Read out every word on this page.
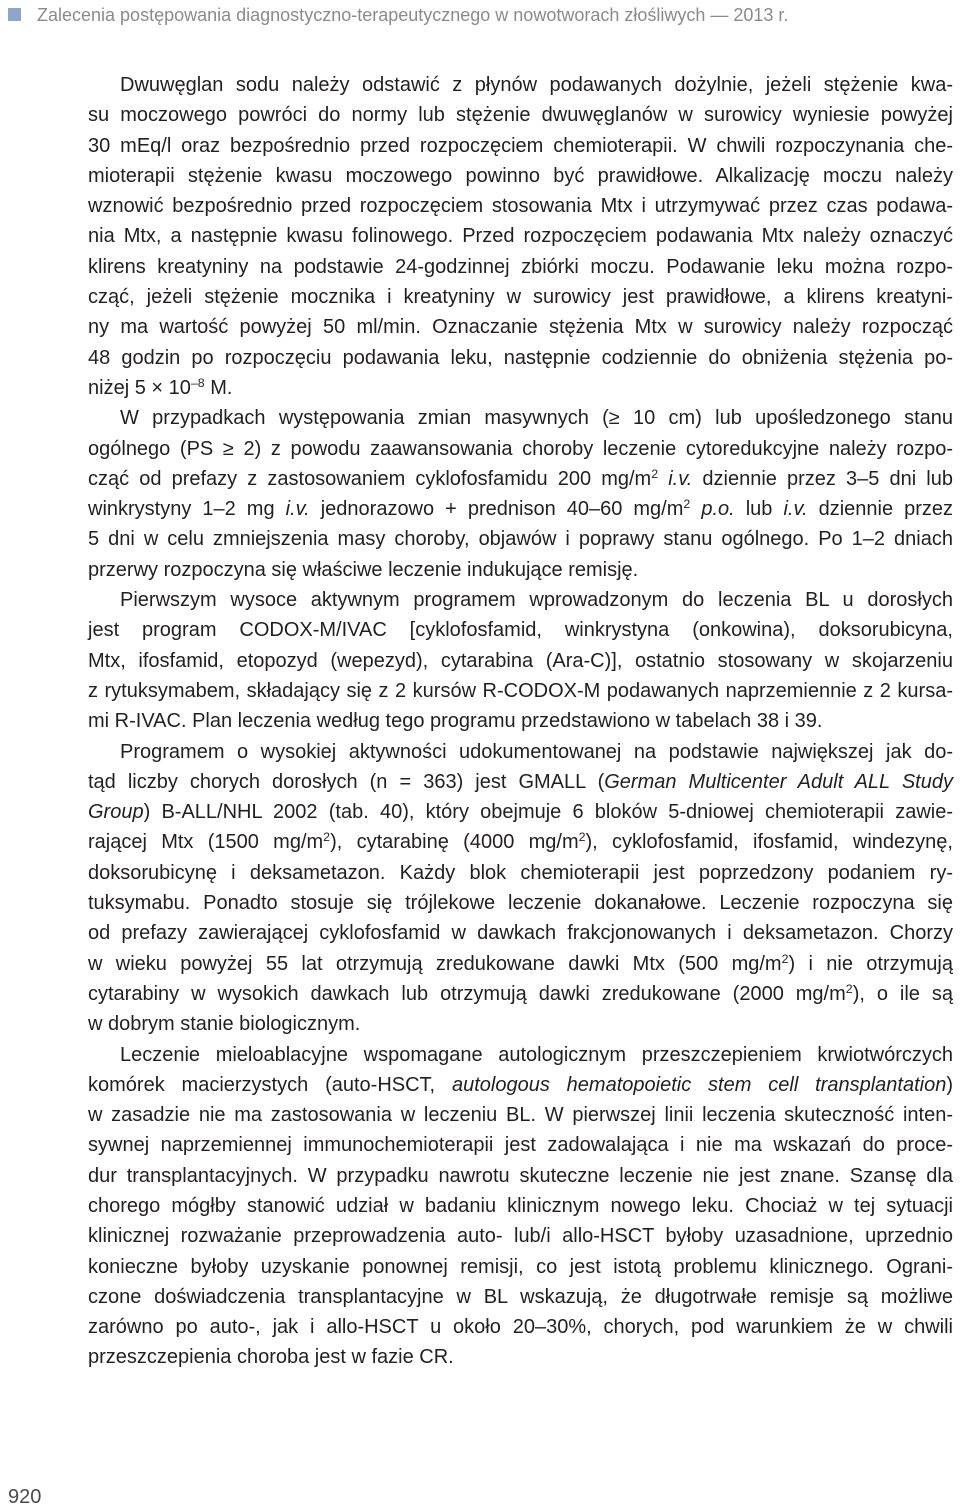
Zalecenia postępowania diagnostyczno-terapeutycznego w nowotworach złośliwych — 2013 r.
Dwuwęglan sodu należy odstawić z płynów podawanych dożylnie, jeżeli stężenie kwa-
su moczowego powróci do normy lub stężenie dwuwęglanów w surowicy wyniesie powyżej
30 mEq/l oraz bezpośrednio przed rozpoczęciem chemioterapii. W chwili rozpoczynania che-
mioterapii stężenie kwasu moczowego powinno być prawidłowe. Alkalizację moczu należy
wznowić bezpośrednio przed rozpoczęciem stosowania Mtx i utrzymywać przez czas podawa-
nia Mtx, a następnie kwasu folinowego. Przed rozpoczęciem podawania Mtx należy oznaczyć
klirens kreatyniny na podstawie 24-godzinnej zbiórki moczu. Podawanie leku można rozpo-
cząć, jeżeli stężenie mocznika i kreatyniny w surowicy jest prawidłowe, a klirens kreatyni-
ny ma wartość powyżej 50 ml/min. Oznaczanie stężenia Mtx w surowicy należy rozpocząć
48 godzin po rozpoczęciu podawania leku, następnie codziennie do obniżenia stężenia po-
niżej $5 \times 10^{-8}$ M.
W przypadkach występowania zmian masywnych (≥ 10 cm) lub upośledzonego stanu
ogólnego (PS ≥ 2) z powodu zaawansowania choroby leczenie cytoredukcyjne należy rozpo-
cząć od prefazy z zastosowaniem cyklofosfamidu 200 $mg/m^2$ i.v. dziennie przez 3–5 dni lub
winkrystyny 1–2 mg i.v. jednorazowo + prednison 40–60 $mg/m^2$ p.o. lub i.v. dziennie przez
5 dni w celu zmniejszenia masy choroby, objawów i poprawy stanu ogólnego. Po 1–2 dniach
przerwy rozpoczyna się właściwe leczenie indukujące remisję.
Pierwszym wysoce aktywnym programem wprowadzonym do leczenia BL u dorosłych
jest program CODOX-M/IVAC [cyklofosfamid, winkrystyna (onkowina), doksorubicyna,
Mtx, ifosfamid, etopozyd (wepezyd), cytarabina (Ara-C)], ostatnio stosowany w skojarzeniu
z rytuksymabem, składający się z 2 kursów R-CODOX-M podawanych naprzemiennie z 2 kursa-
mi R-IVAC. Plan leczenia według tego programu przedstawiono w tabelach 38 i 39.
Programem o wysokiej aktywności udokumentowanej na podstawie największej jak do-
tąd liczby chorych dorosłych (n = 363) jest GMALL (German Multicenter Adult ALL Study
Group) B-ALL/NHL 2002 (tab. 40), który obejmuje 6 bloków 5-dniowej chemioterapii zawie-
rającej Mtx (1500 $mg/m^2$), cytarabinę (4000 $mg/m^2$), cyklofosfamid, ifosfamid, windezynę,
doksorubicynę i deksametazon. Każdy blok chemioterapii jest poprzedzony podaniem ry-
tuksymabu. Ponadto stosuje się trójlekowe leczenie dokanałowe. Leczenie rozpoczyna się
od prefazy zawierającej cyklofosfamid w dawkach frakcjonowanych i deksametazon. Chorzy
w wieku powyżej 55 lat otrzymują zredukowane dawki Mtx (500 $mg/m^2$) i nie otrzymują
cytarabiny w wysokich dawkach lub otrzymują dawki zredukowane (2000 $mg/m^2$), o ile są
w dobrym stanie biologicznym.
Leczenie mieloablacyjne wspomagane autologicznym przeszczepieniem krwiotwórczych
komórek macierzystych (auto-HSCT, autologous hematopoietic stem cell transplantation)
w zasadzie nie ma zastosowania w leczeniu BL. W pierwszej linii leczenia skuteczność inten-
sywnej naprzemiennej immunochemioterapii jest zadowalająca i nie ma wskazań do proce-
dur transplantacyjnych. W przypadku nawrotu skuteczne leczenie nie jest znane. Szansę dla
chorego mógłby stanowić udział w badaniu klinicznym nowego leku. Chociaż w tej sytuacji
klinicznej rozważanie przeprowadzenia auto- lub/i allo-HSCT byłoby uzasadnione, uprzednio
konieczne byłoby uzyskanie ponownej remisji, co jest istotą problemu klinicznego. Ograni-
czone doświadczenia transplantacyjne w BL wskazują, że długotrwałe remisje są możliwe
zarówno po auto-, jak i allo-HSCT u około 20–30%, chorych, pod warunkiem że w chwili
przeszczepienia choroba jest w fazie CR.
920
